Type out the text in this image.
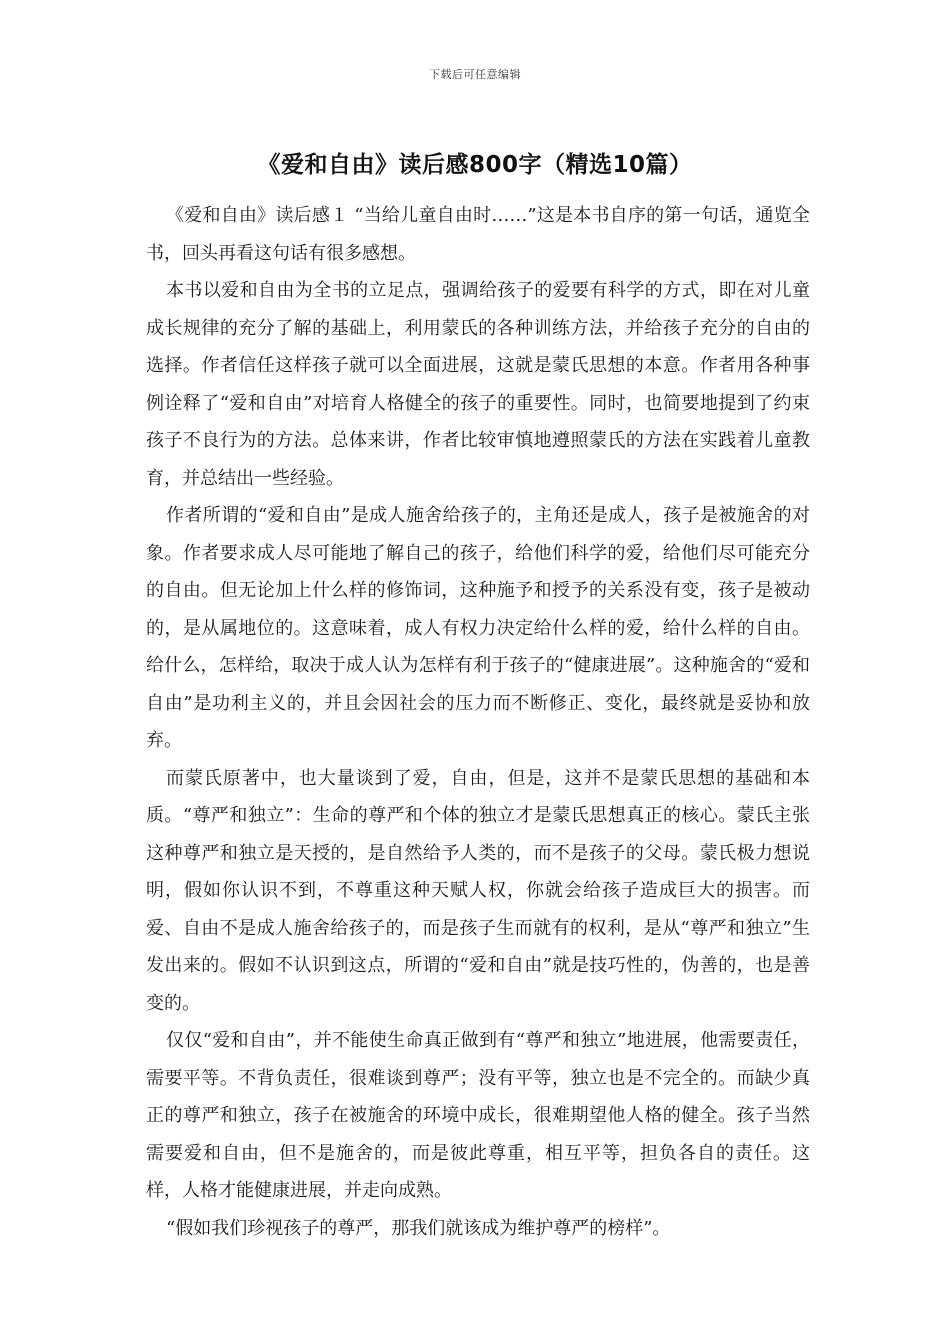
下载后可任意编辑
《爱和自由》读后感800字（精选10篇）

《爱和自由》读后感１ “当给儿童自由时……”这是本书自序的第一句话，通览全书，回头再看这句话有很多感想。

本书以爱和自由为全书的立足点，强调给孩子的爱要有科学的方式，即在对儿童成长规律的充分了解的基础上，利用蒙氏的各种训练方法，并给孩子充分的自由的选择。作者信任这样孩子就可以全面进展，这就是蒙氏思想的本意。作者用各种事例诠释了“爱和自由”对培育人格健全的孩子的重要性。同时，也简要地提到了约束孩子不良行为的方法。总体来讲，作者比较审慎地遵照蒙氏的方法在实践着儿童教育，并总结出一些经验。

作者所谓的“爱和自由”是成人施舍给孩子的，主角还是成人，孩子是被施舍的对象。作者要求成人尽可能地了解自己的孩子，给他们科学的爱，给他们尽可能充分的自由。但无论加上什么样的修饰词，这种施予和授予的关系没有变，孩子是被动的，是从属地位的。这意味着，成人有权力决定给什么样的爱，给什么样的自由。给什么，怎样给，取决于成人认为怎样有利于孩子的“健康进展”。这种施舍的“爱和自由”是功利主义的，并且会因社会的压力而不断修正、变化，最终就是妥协和放弃。

而蒙氏原著中，也大量谈到了爱，自由，但是，这并不是蒙氏思想的基础和本质。“尊严和独立”：生命的尊严和个体的独立才是蒙氏思想真正的核心。蒙氏主张这种尊严和独立是天授的，是自然给予人类的，而不是孩子的父母。蒙氏极力想说明，假如你认识不到，不尊重这种天赋人权，你就会给孩子造成巨大的损害。而爱、自由不是成人施舍给孩子的，而是孩子生而就有的权利，是从“尊严和独立”生发出来的。假如不认识到这点，所谓的“爱和自由”就是技巧性的，伪善的，也是善变的。

仅仅“爱和自由”，并不能使生命真正做到有“尊严和独立”地进展，他需要责任，需要平等。不背负责任，很难谈到尊严；没有平等，独立也是不完全的。而缺少真正的尊严和独立，孩子在被施舍的环境中成长，很难期望他人格的健全。孩子当然需要爱和自由，但不是施舍的，而是彼此尊重，相互平等，担负各自的责任。这样，人格才能健康进展，并走向成熟。

“假如我们珍视孩子的尊严，那我们就该成为维护尊严的榜样”。
